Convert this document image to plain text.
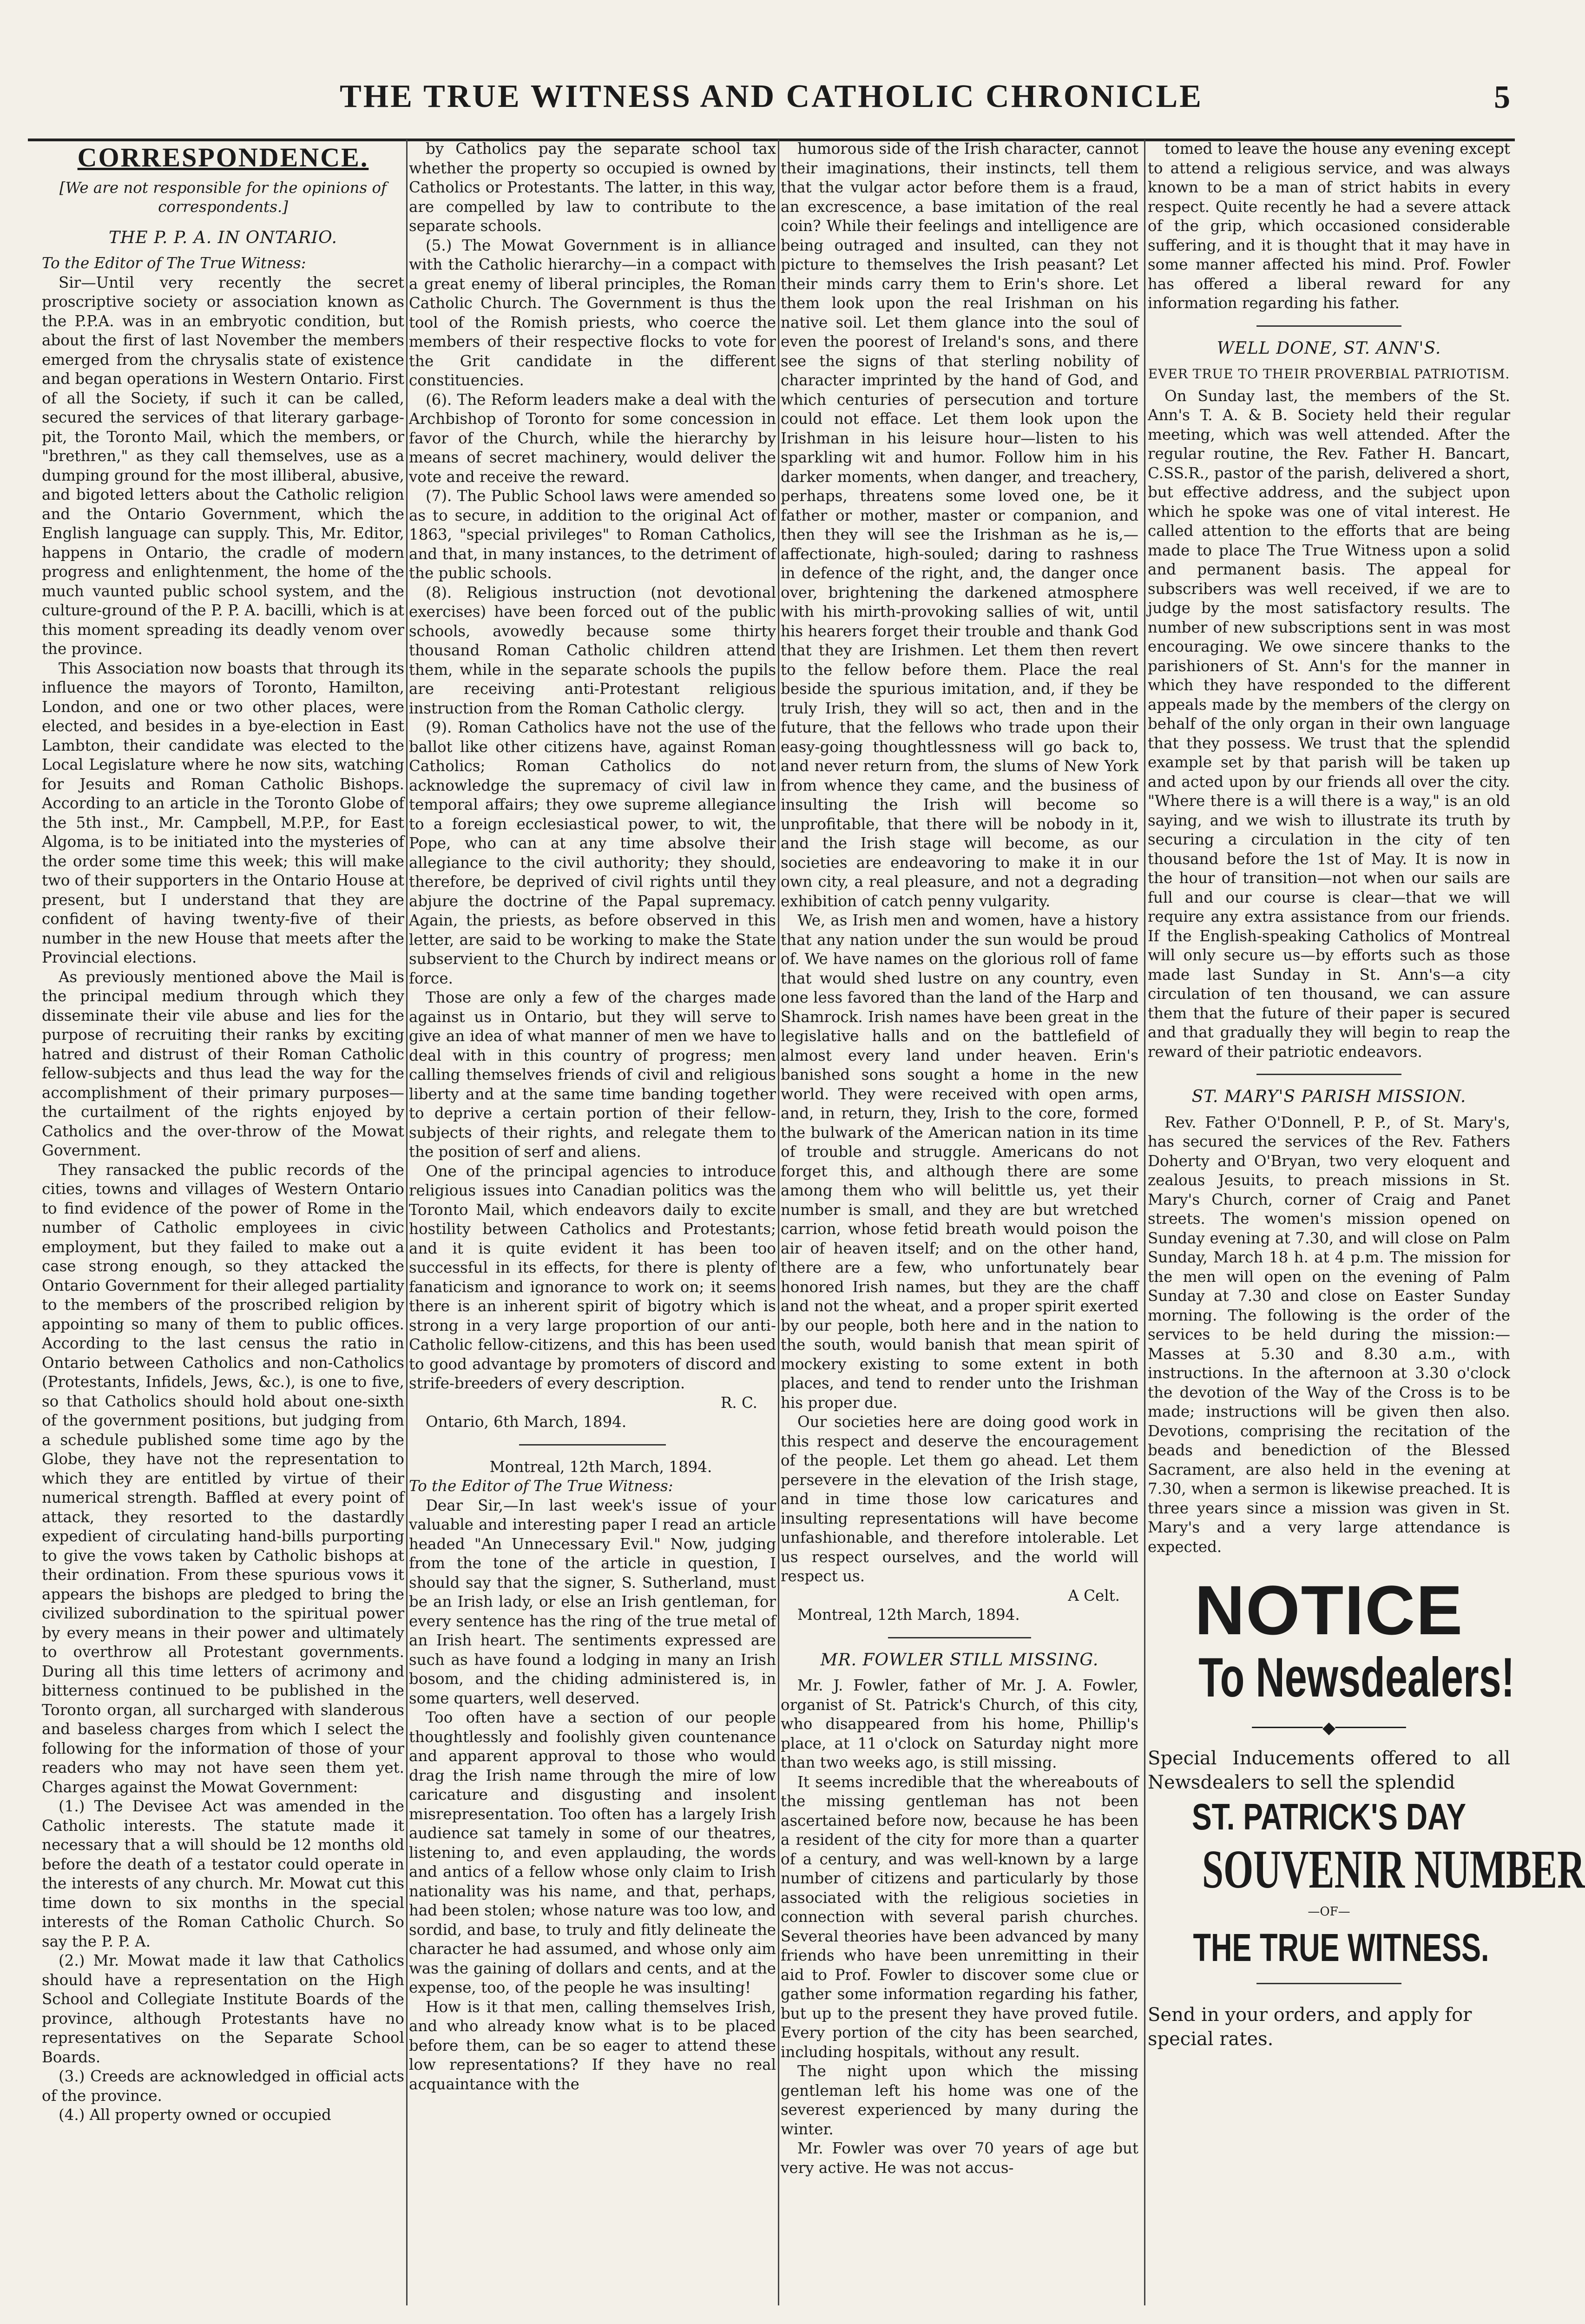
THE TRUE WITNESS AND CATHOLIC CHRONICLE	5
CORRESPONDENCE.
[We are not responsible for the opinions of correspondents.]
THE P. P. A. IN ONTARIO.
To the Editor of The True Witness:

Sir—Until very recently the secret proscriptive society or association known as the P.P.A. was in an embryotic condition, but about the first of last November the members emerged from the chrysalis state of existence and began operations in Western Ontario. First of all the Society, if such it can be called, secured the services of that literary garbage-pit, the Toronto Mail, which the members, or "brethren," as they call themselves, use as a dumping ground for the most illiberal, abusive, and bigoted letters about the Catholic religion and the Ontario Government, which the English language can supply. This, Mr. Editor, happens in Ontario, the cradle of modern progress and enlightenment, the home of the much vaunted public school system, and the culture-ground of the P. P. A. bacilli, which is at this moment spreading its deadly venom over the province.

This Association now boasts that through its influence the mayors of Toronto, Hamilton, London, and one or two other places, were elected, and besides in a bye-election in East Lambton, their candidate was elected to the Local Legislature where he now sits, watching for Jesuits and Roman Catholic Bishops. According to an article in the Toronto Globe of the 5th inst., Mr. Campbell, M.P.P., for East Algoma, is to be initiated into the mysteries of the order some time this week; this will make two of their supporters in the Ontario House at present, but I understand that they are confident of having twenty-five of their number in the new House that meets after the Provincial elections.

As previously mentioned above the Mail is the principal medium through which they disseminate their vile abuse and lies for the purpose of recruiting their ranks by exciting hatred and distrust of their Roman Catholic fellow-subjects and thus lead the way for the accomplishment of their primary purposes—the curtailment of the rights enjoyed by Catholics and the over-throw of the Mowat Government.

They ransacked the public records of the cities, towns and villages of Western Ontario to find evidence of the power of Rome in the number of Catholic employees in civic employment, but they failed to make out a case strong enough, so they attacked the Ontario Government for their alleged partiality to the members of the proscribed religion by appointing so many of them to public offices. According to the last census the ratio in Ontario between Catholics and non-Catholics (Protestants, Infidels, Jews, &c.), is one to five, so that Catholics should hold about one-sixth of the government positions, but judging from a schedule published some time ago by the Globe, they have not the representation to which they are entitled by virtue of their numerical strength. Baffled at every point of attack, they resorted to the dastardly expedient of circulating hand-bills purporting to give the vows taken by Catholic bishops at their ordination. From these spurious vows it appears the bishops are pledged to bring the civilized subordination to the spiritual power by every means in their power and ultimately to overthrow all Protestant governments. During all this time letters of acrimony and bitterness continued to be published in the Toronto organ, all surcharged with slanderous and baseless charges from which I select the following for the information of those of your readers who may not have seen them yet. Charges against the Mowat Government:

(1.) The Devisee Act was amended in the Catholic interests. The statute made it necessary that a will should be 12 months old before the death of a testator could operate in the interests of any church. Mr. Mowat cut this time down to six months in the special interests of the Roman Catholic Church. So say the P. P. A.

(2.) Mr. Mowat made it law that Catholics should have a representation on the High School and Collegiate Institute Boards of the province, although Protestants have no representatives on the Separate School Boards.

(3.) Creeds are acknowledged in official acts of the province.

(4.) All property owned or occupied

by Catholics pay the separate school tax whether the property so occupied is owned by Catholics or Protestants. The latter, in this way, are compelled by law to contribute to the separate schools.

(5.) The Mowat Government is in alliance with the Catholic hierarchy—in a compact with a great enemy of liberal principles, the Roman Catholic Church. The Government is thus the tool of the Romish priests, who coerce the members of their respective flocks to vote for the Grit candidate in the different constituencies.

(6). The Reform leaders make a deal with the Archbishop of Toronto for some concession in favor of the Church, while the hierarchy by means of secret machinery, would deliver the vote and receive the reward.

(7). The Public School laws were amended so as to secure, in addition to the original Act of 1863, "special privileges" to Roman Catholics, and that, in many instances, to the detriment of the public schools.

(8). Religious instruction (not devotional exercises) have been forced out of the public schools, avowedly because some thirty thousand Roman Catholic children attend them, while in the separate schools the pupils are receiving anti-Protestant religious instruction from the Roman Catholic clergy.

(9). Roman Catholics have not the use of the ballot like other citizens have, against Roman Catholics; Roman Catholics do not acknowledge the supremacy of civil law in temporal affairs; they owe supreme allegiance to a foreign ecclesiastical power, to wit, the Pope, who can at any time absolve their allegiance to the civil authority; they should, therefore, be deprived of civil rights until they abjure the doctrine of the Papal supremacy. Again, the priests, as before observed in this letter, are said to be working to make the State subservient to the Church by indirect means or force.

Those are only a few of the charges made against us in Ontario, but they will serve to give an idea of what manner of men we have to deal with in this country of progress; men calling themselves friends of civil and religious liberty and at the same time banding together to deprive a certain portion of their fellow-subjects of their rights, and relegate them to the position of serf and aliens.

One of the principal agencies to introduce religious issues into Canadian politics was the Toronto Mail, which endeavors daily to excite hostility between Catholics and Protestants; and it is quite evident it has been too successful in its effects, for there is plenty of fanaticism and ignorance to work on; it seems there is an inherent spirit of bigotry which is strong in a very large proportion of our anti-Catholic fellow-citizens, and this has been used to good advantage by promoters of discord and strife-breeders of every description.

R. C.
Ontario, 6th March, 1894.
Montreal, 12th March, 1894.
To the Editor of The True Witness:

Dear Sir,—In last week's issue of your valuable and interesting paper I read an article headed "An Unnecessary Evil." Now, judging from the tone of the article in question, I should say that the signer, S. Sutherland, must be an Irish lady, or else an Irish gentleman, for every sentence has the ring of the true metal of an Irish heart. The sentiments expressed are such as have found a lodging in many an Irish bosom, and the chiding administered is, in some quarters, well deserved.

Too often have a section of our people thoughtlessly and foolishly given countenance and apparent approval to those who would drag the Irish name through the mire of low caricature and disgusting and insolent misrepresentation. Too often has a largely Irish audience sat tamely in some of our theatres, listening to, and even applauding, the words and antics of a fellow whose only claim to Irish nationality was his name, and that, perhaps, had been stolen; whose nature was too low, and sordid, and base, to truly and fitly delineate the character he had assumed, and whose only aim was the gaining of dollars and cents, and at the expense, too, of the people he was insulting!

How is it that men, calling themselves Irish, and who already know what is to be placed before them, can be so eager to attend these low representations? If they have no real acquaintance with the

humorous side of the Irish character, cannot their imaginations, their instincts, tell them that the vulgar actor before them is a fraud, an excrescence, a base imitation of the real coin? While their feelings and intelligence are being outraged and insulted, can they not picture to themselves the Irish peasant? Let their minds carry them to Erin's shore. Let them look upon the real Irishman on his native soil. Let them glance into the soul of even the poorest of Ireland's sons, and there see the signs of that sterling nobility of character imprinted by the hand of God, and which centuries of persecution and torture could not efface. Let them look upon the Irishman in his leisure hour—listen to his sparkling wit and humor. Follow him in his darker moments, when danger, and treachery, perhaps, threatens some loved one, be it father or mother, master or companion, and then they will see the Irishman as he is,—affectionate, high-souled; daring to rashness in defence of the right, and, the danger once over, brightening the darkened atmosphere with his mirth-provoking sallies of wit, until his hearers forget their trouble and thank God that they are Irishmen. Let them then revert to the fellow before them. Place the real beside the spurious imitation, and, if they be truly Irish, they will so act, then and in the future, that the fellows who trade upon their easy-going thoughtlessness will go back to, and never return from, the slums of New York from whence they came, and the business of insulting the Irish will become so unprofitable, that there will be nobody in it, and the Irish stage will become, as our societies are endeavoring to make it in our own city, a real pleasure, and not a degrading exhibition of catch penny vulgarity.

We, as Irish men and women, have a history that any nation under the sun would be proud of. We have names on the glorious roll of fame that would shed lustre on any country, even one less favored than the land of the Harp and Shamrock. Irish names have been great in the legislative halls and on the battlefield of almost every land under heaven. Erin's banished sons sought a home in the new world. They were received with open arms, and, in return, they, Irish to the core, formed the bulwark of the American nation in its time of trouble and struggle. Americans do not forget this, and although there are some among them who will belittle us, yet their number is small, and they are but wretched carrion, whose fetid breath would poison the air of heaven itself; and on the other hand, there are a few, who unfortunately bear honored Irish names, but they are the chaff and not the wheat, and a proper spirit exerted by our people, both here and in the nation to the south, would banish that mean spirit of mockery existing to some extent in both places, and tend to render unto the Irishman his proper due.

Our societies here are doing good work in this respect and deserve the encouragement of the people. Let them go ahead. Let them persevere in the elevation of the Irish stage, and in time those low caricatures and insulting representations will have become unfashionable, and therefore intolerable. Let us respect ourselves, and the world will respect us.

A Celt.
Montreal, 12th March, 1894.
MR. FOWLER STILL MISSING.

Mr. J. Fowler, father of Mr. J. A. Fowler, organist of St. Patrick's Church, of this city, who disappeared from his home, Phillip's place, at 11 o'clock on Saturday night more than two weeks ago, is still missing.

It seems incredible that the whereabouts of the missing gentleman has not been ascertained before now, because he has been a resident of the city for more than a quarter of a century, and was well-known by a large number of citizens and particularly by those associated with the religious societies in connection with several parish churches. Several theories have been advanced by many friends who have been unremitting in their aid to Prof. Fowler to discover some clue or gather some information regarding his father, but up to the present they have proved futile. Every portion of the city has been searched, including hospitals, without any result.

The night upon which the missing gentleman left his home was one of the severest experienced by many during the winter.

Mr. Fowler was over 70 years of age but very active. He was not accus-

tomed to leave the house any evening except to attend a religious service, and was always known to be a man of strict habits in every respect. Quite recently he had a severe attack of the grip, which occasioned considerable suffering, and it is thought that it may have in some manner affected his mind. Prof. Fowler has offered a liberal reward for any information regarding his father.

WELL DONE, ST. ANN'S.
EVER TRUE TO THEIR PROVERBIAL PATRIOTISM.

On Sunday last, the members of the St. Ann's T. A. & B. Society held their regular meeting, which was well attended. After the regular routine, the Rev. Father H. Bancart, C.SS.R., pastor of the parish, delivered a short, but effective address, and the subject upon which he spoke was one of vital interest. He called attention to the efforts that are being made to place The True Witness upon a solid and permanent basis. The appeal for subscribers was well received, if we are to judge by the most satisfactory results. The number of new subscriptions sent in was most encouraging. We owe sincere thanks to the parishioners of St. Ann's for the manner in which they have responded to the different appeals made by the members of the clergy on behalf of the only organ in their own language that they possess. We trust that the splendid example set by that parish will be taken up and acted upon by our friends all over the city. "Where there is a will there is a way," is an old saying, and we wish to illustrate its truth by securing a circulation in the city of ten thousand before the 1st of May. It is now in the hour of transition—not when our sails are full and our course is clear—that we will require any extra assistance from our friends. If the English-speaking Catholics of Montreal will only secure us—by efforts such as those made last Sunday in St. Ann's—a city circulation of ten thousand, we can assure them that the future of their paper is secured and that gradually they will begin to reap the reward of their patriotic endeavors.

ST. MARY'S PARISH MISSION.

Rev. Father O'Donnell, P. P., of St. Mary's, has secured the services of the Rev. Fathers Doherty and O'Bryan, two very eloquent and zealous Jesuits, to preach missions in St. Mary's Church, corner of Craig and Panet streets. The women's mission opened on Sunday evening at 7.30, and will close on Palm Sunday, March 18 h. at 4 p.m. The mission for the men will open on the evening of Palm Sunday at 7.30 and close on Easter Sunday morning. The following is the order of the services to be held during the mission:—Masses at 5.30 and 8.30 a.m., with instructions. In the afternoon at 3.30 o'clock the devotion of the Way of the Cross is to be made; instructions will be given then also. Devotions, comprising the recitation of the beads and benediction of the Blessed Sacrament, are also held in the evening at 7.30, when a sermon is likewise preached. It is three years since a mission was given in St. Mary's and a very large attendance is expected.

NOTICE
To Newsdealers!
───────◆───────
Special Inducements offered to all Newsdealers to sell the splendid
ST. PATRICK'S DAY
SOUVENIR NUMBER
—OF—
THE TRUE WITNESS.
Send in your orders, and apply for special rates.
